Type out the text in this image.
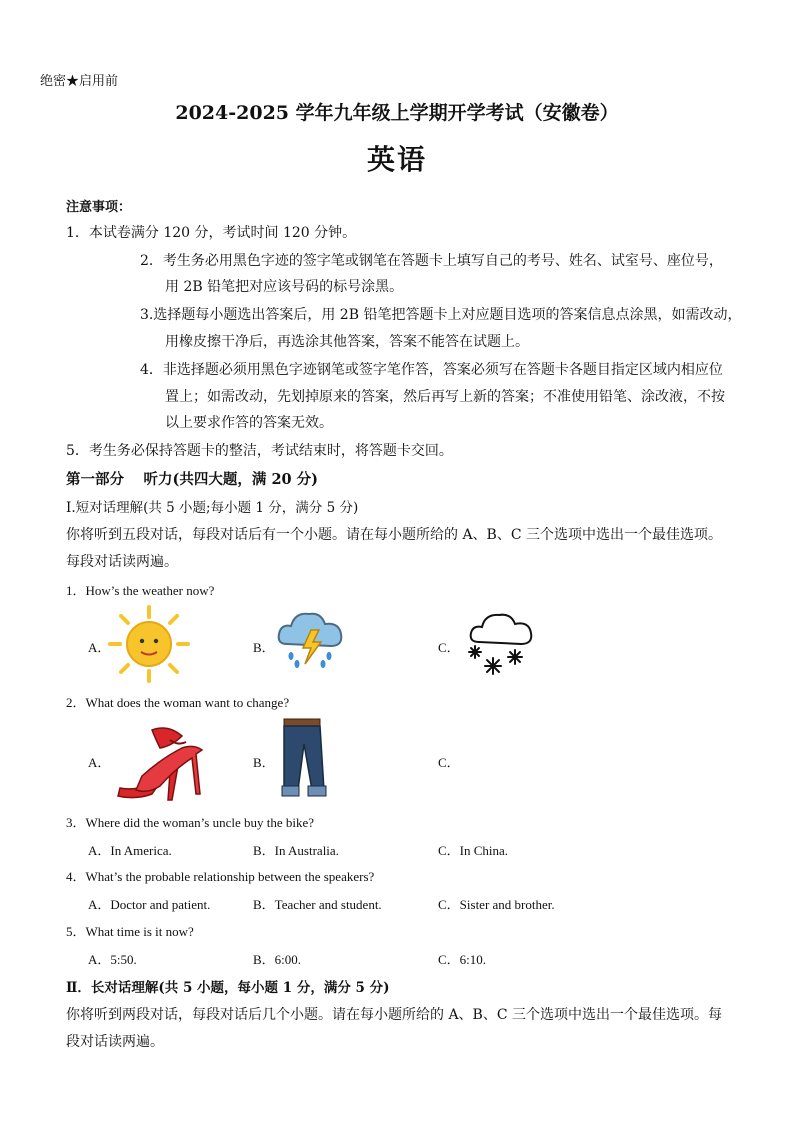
绝密★启用前
2024-2025 学年九年级上学期开学考试（安徽卷）
英语
注意事项：
1．本试卷满分 120 分，考试时间 120 分钟。
2．考生务必用黑色字迹的签字笔或钢笔在答题卡上填写自己的考号、姓名、试室号、座位号，
用 2B 铅笔把对应该号码的标号涂黑。
3.选择题每小题选出答案后，用 2B 铅笔把答题卡上对应题目选项的答案信息点涂黑，如需改动，
用橡皮擦干净后，再选涂其他答案，答案不能答在试题上。
4．非选择题必须用黑色字迹钢笔或签字笔作答，答案必须写在答题卡各题目指定区域内相应位
置上；如需改动，先划掉原来的答案，然后再写上新的答案；不准使用铅笔、涂改液，不按
以上要求作答的答案无效。
5．考生务必保持答题卡的整洁，考试结束时，将答题卡交回。
第一部分　 听力(共四大题，满 20 分)
Ⅰ.短对话理解(共 5 小题;每小题 1 分，满分 5 分)
你将听到五段对话，每段对话后有一个小题。请在每小题所给的 A、B、C 三个选项中选出一个最佳选项。
每段对话读两遍。
1．How’s the weather now?
A．	B．	C．
2．What does the woman want to change?
A．	B．	C．
3．Where did the woman’s uncle buy the bike?
A．In America.	B．In Australia.	C．In China.
4．What’s the probable relationship between the speakers?
A．Doctor and patient.	B．Teacher and student.	C．Sister and brother.
5．What time is it now?
A．5:50.	B．6:00.	C．6:10.
Ⅱ．长对话理解(共 5 小题，每小题 1 分，满分 5 分)
你将听到两段对话，每段对话后几个小题。请在每小题所给的 A、B、C 三个选项中选出一个最佳选项。每
段对话读两遍。
